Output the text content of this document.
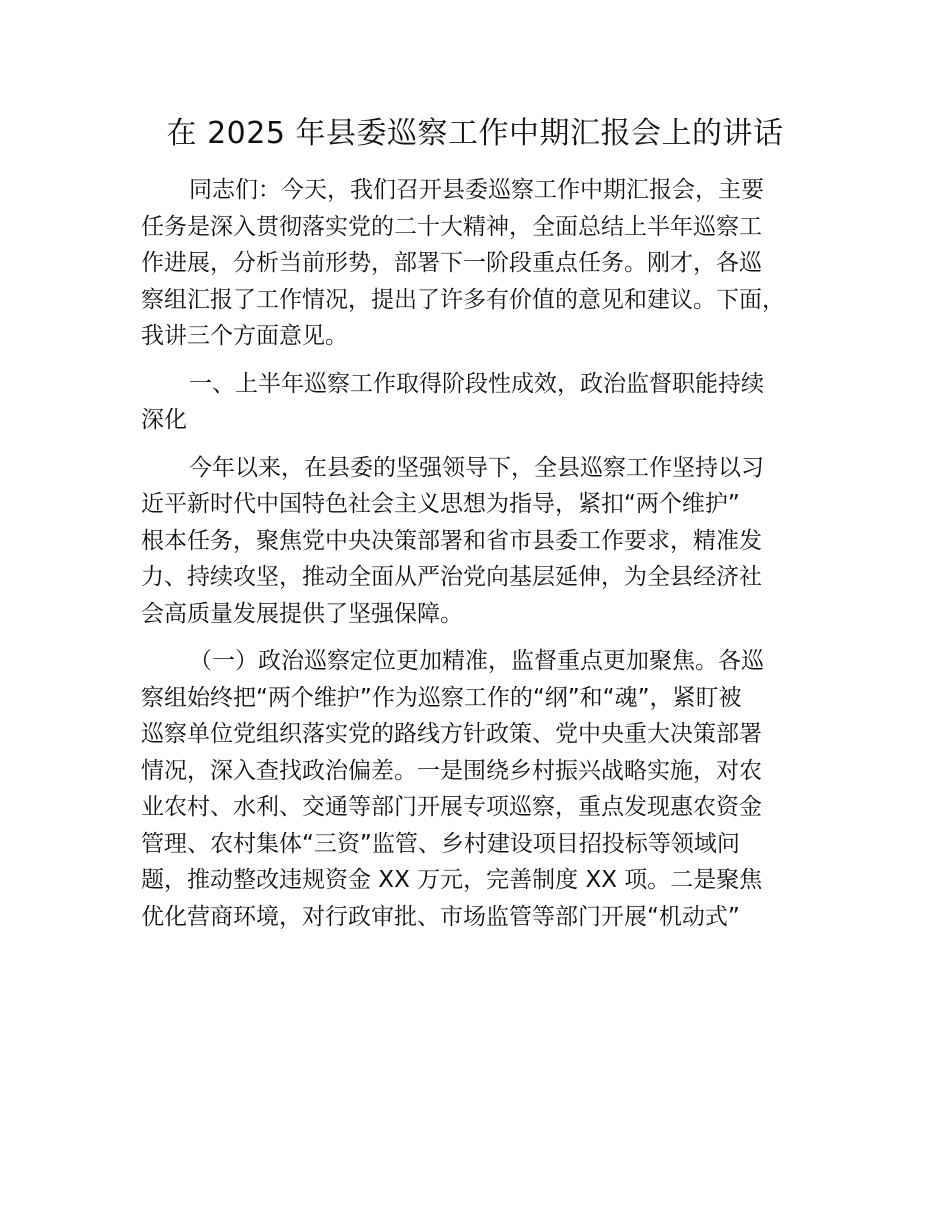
在 2025 年县委巡察工作中期汇报会上的讲话

同志们：今天，我们召开县委巡察工作中期汇报会，主要
任务是深入贯彻落实党的二十大精神，全面总结上半年巡察工
作进展，分析当前形势，部署下一阶段重点任务。刚才，各巡
察组汇报了工作情况，提出了许多有价值的意见和建议。下面，
我讲三个方面意见。

一、上半年巡察工作取得阶段性成效，政治监督职能持续
深化

今年以来，在县委的坚强领导下，全县巡察工作坚持以习
近平新时代中国特色社会主义思想为指导，紧扣“两个维护”
根本任务，聚焦党中央决策部署和省市县委工作要求，精准发
力、持续攻坚，推动全面从严治党向基层延伸，为全县经济社
会高质量发展提供了坚强保障。

（一）政治巡察定位更加精准，监督重点更加聚焦。各巡
察组始终把“两个维护”作为巡察工作的“纲”和“魂”，紧盯被
巡察单位党组织落实党的路线方针政策、党中央重大决策部署
情况，深入查找政治偏差。一是围绕乡村振兴战略实施，对农
业农村、水利、交通等部门开展专项巡察，重点发现惠农资金
管理、农村集体“三资”监管、乡村建设项目招投标等领域问
题，推动整改违规资金 XX 万元，完善制度 XX 项。二是聚焦
优化营商环境，对行政审批、市场监管等部门开展“机动式”
